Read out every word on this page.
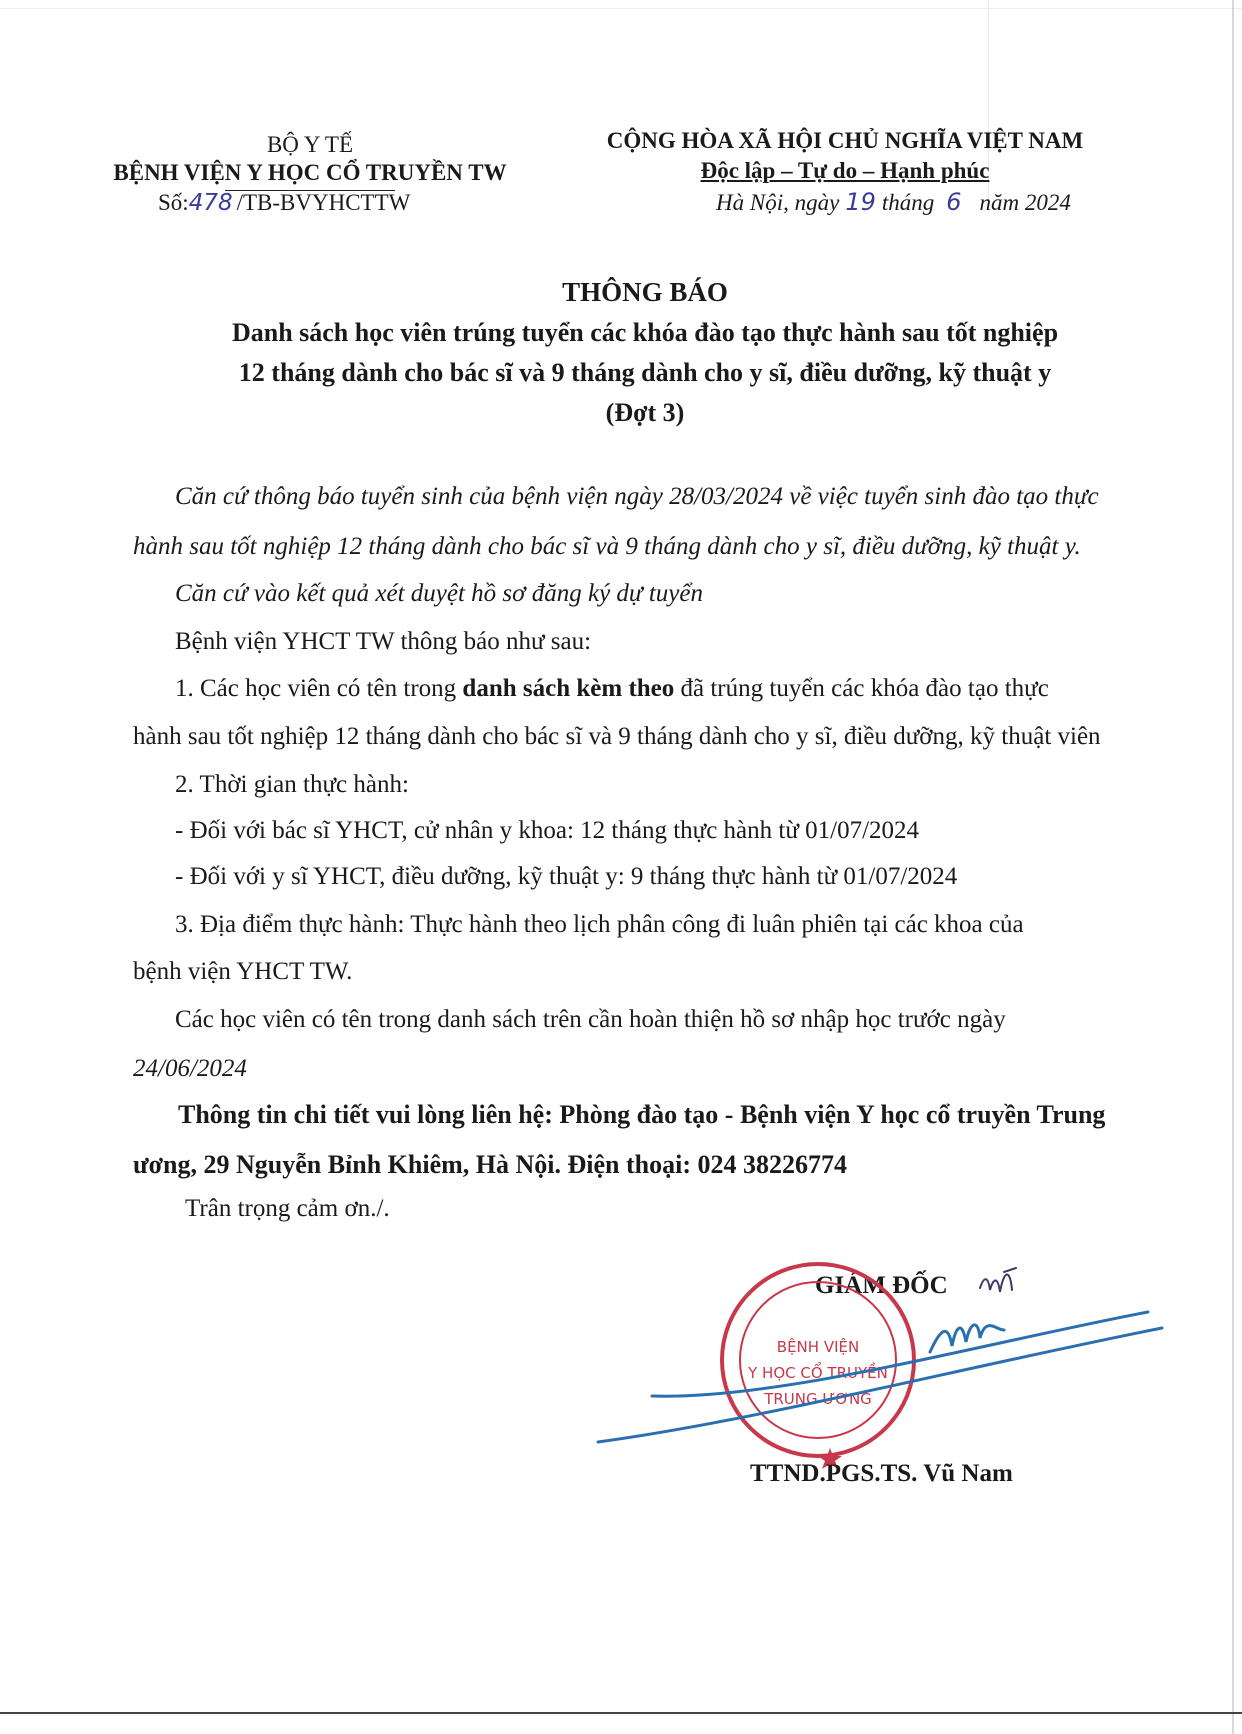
BỘ Y TẾ
BỆNH VIỆN Y HỌC CỔ TRUYỀN TW
Số:478 /TB-BVYHCTTW
CỘNG HÒA XÃ HỘI CHỦ NGHĨA VIỆT NAM
Độc lập – Tự do – Hạnh phúc
Hà Nội, ngày 19 tháng 6 năm 2024
THÔNG BÁO
Danh sách học viên trúng tuyển các khóa đào tạo thực hành sau tốt nghiệp
12 tháng dành cho bác sĩ và 9 tháng dành cho y sĩ, điều dưỡng, kỹ thuật y
(Đợt 3)
Căn cứ thông báo tuyển sinh của bệnh viện ngày 28/03/2024 về việc tuyển sinh đào tạo thực
hành sau tốt nghiệp 12 tháng dành cho bác sĩ và 9 tháng dành cho y sĩ, điều dưỡng, kỹ thuật y.
Căn cứ vào kết quả xét duyệt hồ sơ đăng ký dự tuyển
Bệnh viện YHCT TW thông báo như sau:
1. Các học viên có tên trong danh sách kèm theo đã trúng tuyển các khóa đào tạo thực
hành sau tốt nghiệp 12 tháng dành cho bác sĩ và 9 tháng dành cho y sĩ, điều dưỡng, kỹ thuật viên
2. Thời gian thực hành:
- Đối với bác sĩ YHCT, cử nhân y khoa: 12 tháng thực hành từ 01/07/2024
- Đối với y sĩ YHCT, điều dưỡng, kỹ thuật y: 9 tháng thực hành từ 01/07/2024
3. Địa điểm thực hành: Thực hành theo lịch phân công đi luân phiên tại các khoa của
bệnh viện YHCT TW.
Các học viên có tên trong danh sách trên cần hoàn thiện hồ sơ nhập học trước ngày
24/06/2024
Thông tin chi tiết vui lòng liên hệ: Phòng đào tạo - Bệnh viện Y học cổ truyền Trung
ương, 29 Nguyễn Bỉnh Khiêm, Hà Nội. Điện thoại: 024 38226774
Trân trọng cảm ơn./.
GIÁM ĐỐC
BỆNH VIỆN
Y HỌC CỔ TRUYỀN
TRUNG ƯƠNG
TTND.PGS.TS. Vũ Nam
